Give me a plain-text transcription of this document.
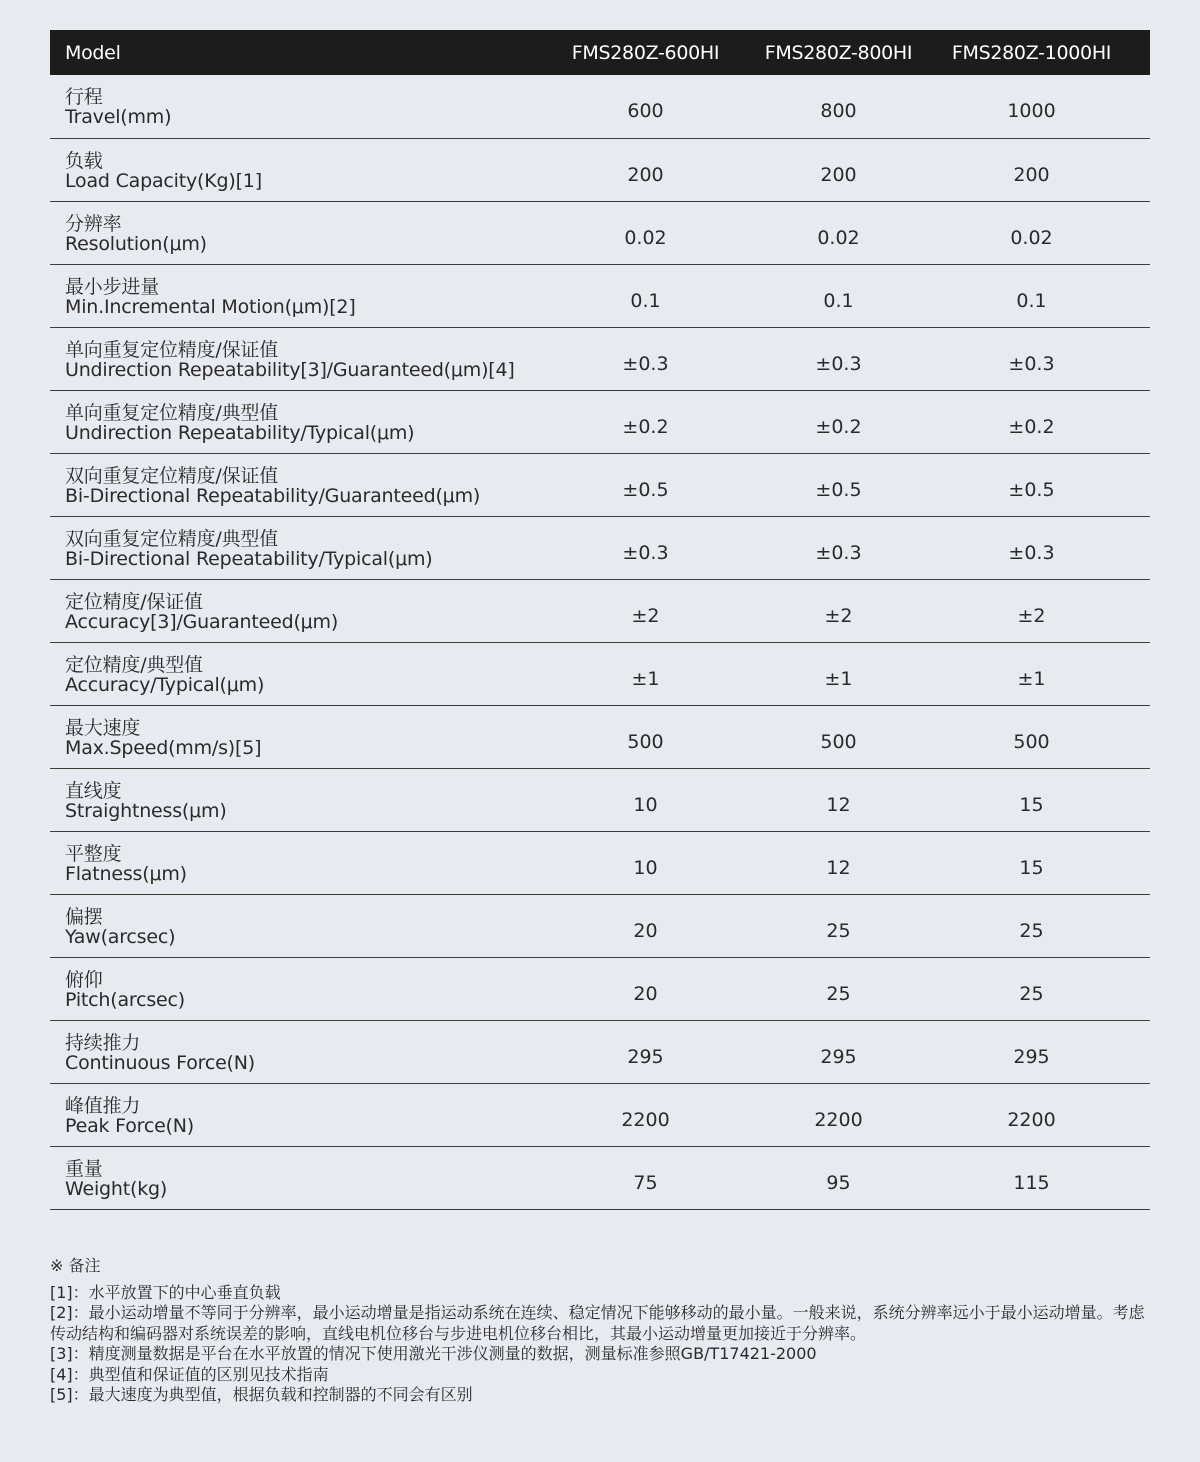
Model	FMS280Z-600HI	FMS280Z-800HI	FMS280Z-1000HI

行程
Travel(mm)	600	800	1000

负载
Load Capacity(Kg)[1]	200	200	200

分辨率
Resolution(μm)	0.02	0.02	0.02

最小步进量
Min.Incremental Motion(μm)[2]	0.1	0.1	0.1

单向重复定位精度/保证值
Undirection Repeatability[3]/Guaranteed(μm)[4]	±0.3	±0.3	±0.3

单向重复定位精度/典型值
Undirection Repeatability/Typical(μm)	±0.2	±0.2	±0.2

双向重复定位精度/保证值
Bi-Directional Repeatability/Guaranteed(μm)	±0.5	±0.5	±0.5

双向重复定位精度/典型值
Bi-Directional Repeatability/Typical(μm)	±0.3	±0.3	±0.3

定位精度/保证值
Accuracy[3]/Guaranteed(μm)	±2	±2	±2

定位精度/典型值
Accuracy/Typical(μm)	±1	±1	±1

最大速度
Max.Speed(mm/s)[5]	500	500	500

直线度
Straightness(μm)	10	12	15

平整度
Flatness(μm)	10	12	15

偏摆
Yaw(arcsec)	20	25	25

俯仰
Pitch(arcsec)	20	25	25

持续推力
Continuous Force(N)	295	295	295

峰值推力
Peak Force(N)	2200	2200	2200

重量
Weight(kg)	75	95	115
※ 备注

[1]：水平放置下的中心垂直负载

[2]：最小运动增量不等同于分辨率，最小运动增量是指运动系统在连续、稳定情况下能够移动的最小量。一般来说，系统分辨率远小于最小运动增量。考虑传动结构和编码器对系统误差的影响，直线电机位移台与步进电机位移台相比，其最小运动增量更加接近于分辨率。

[3]：精度测量数据是平台在水平放置的情况下使用激光干涉仪测量的数据，测量标准参照GB/T17421-2000

[4]：典型值和保证值的区别见技术指南

[5]：最大速度为典型值，根据负载和控制器的不同会有区别
